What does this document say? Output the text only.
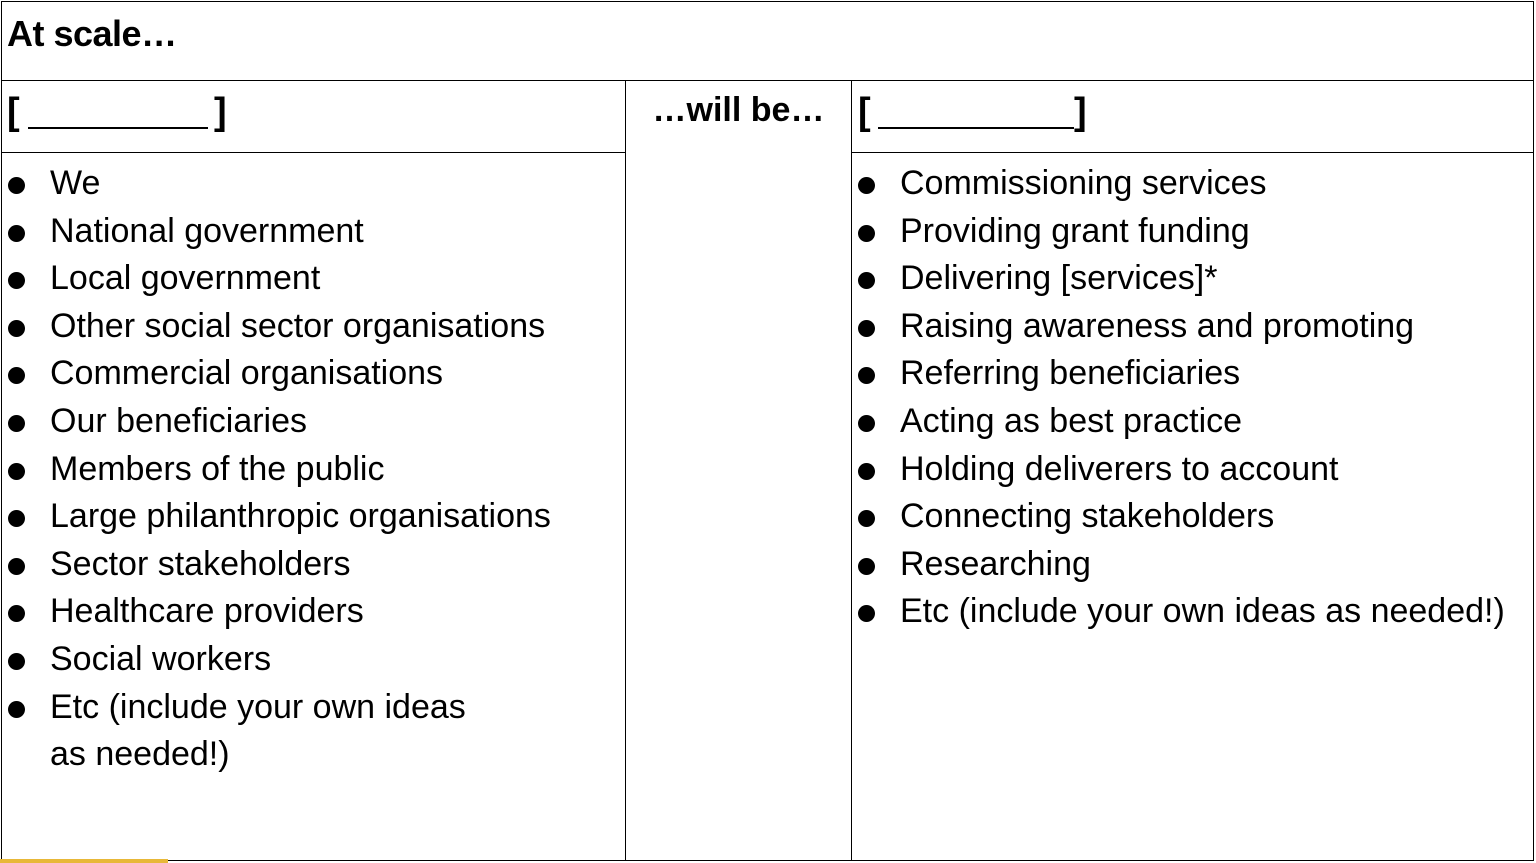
At scale…
[	]
We
National government
Local government
Other social sector organisations
Commercial organisations
Our beneficiaries
Members of the public
Large philanthropic organisations
Sector stakeholders
Healthcare providers
Social workers
Etc (include your own ideas as needed!)
…will be… [	]
Commissioning services
Providing grant funding
Delivering [services]*
Raising awareness and promoting
Referring beneficiaries
Acting as best practice
Holding deliverers to account
Connecting stakeholders
Researching
Etc (include your own ideas as needed!)
